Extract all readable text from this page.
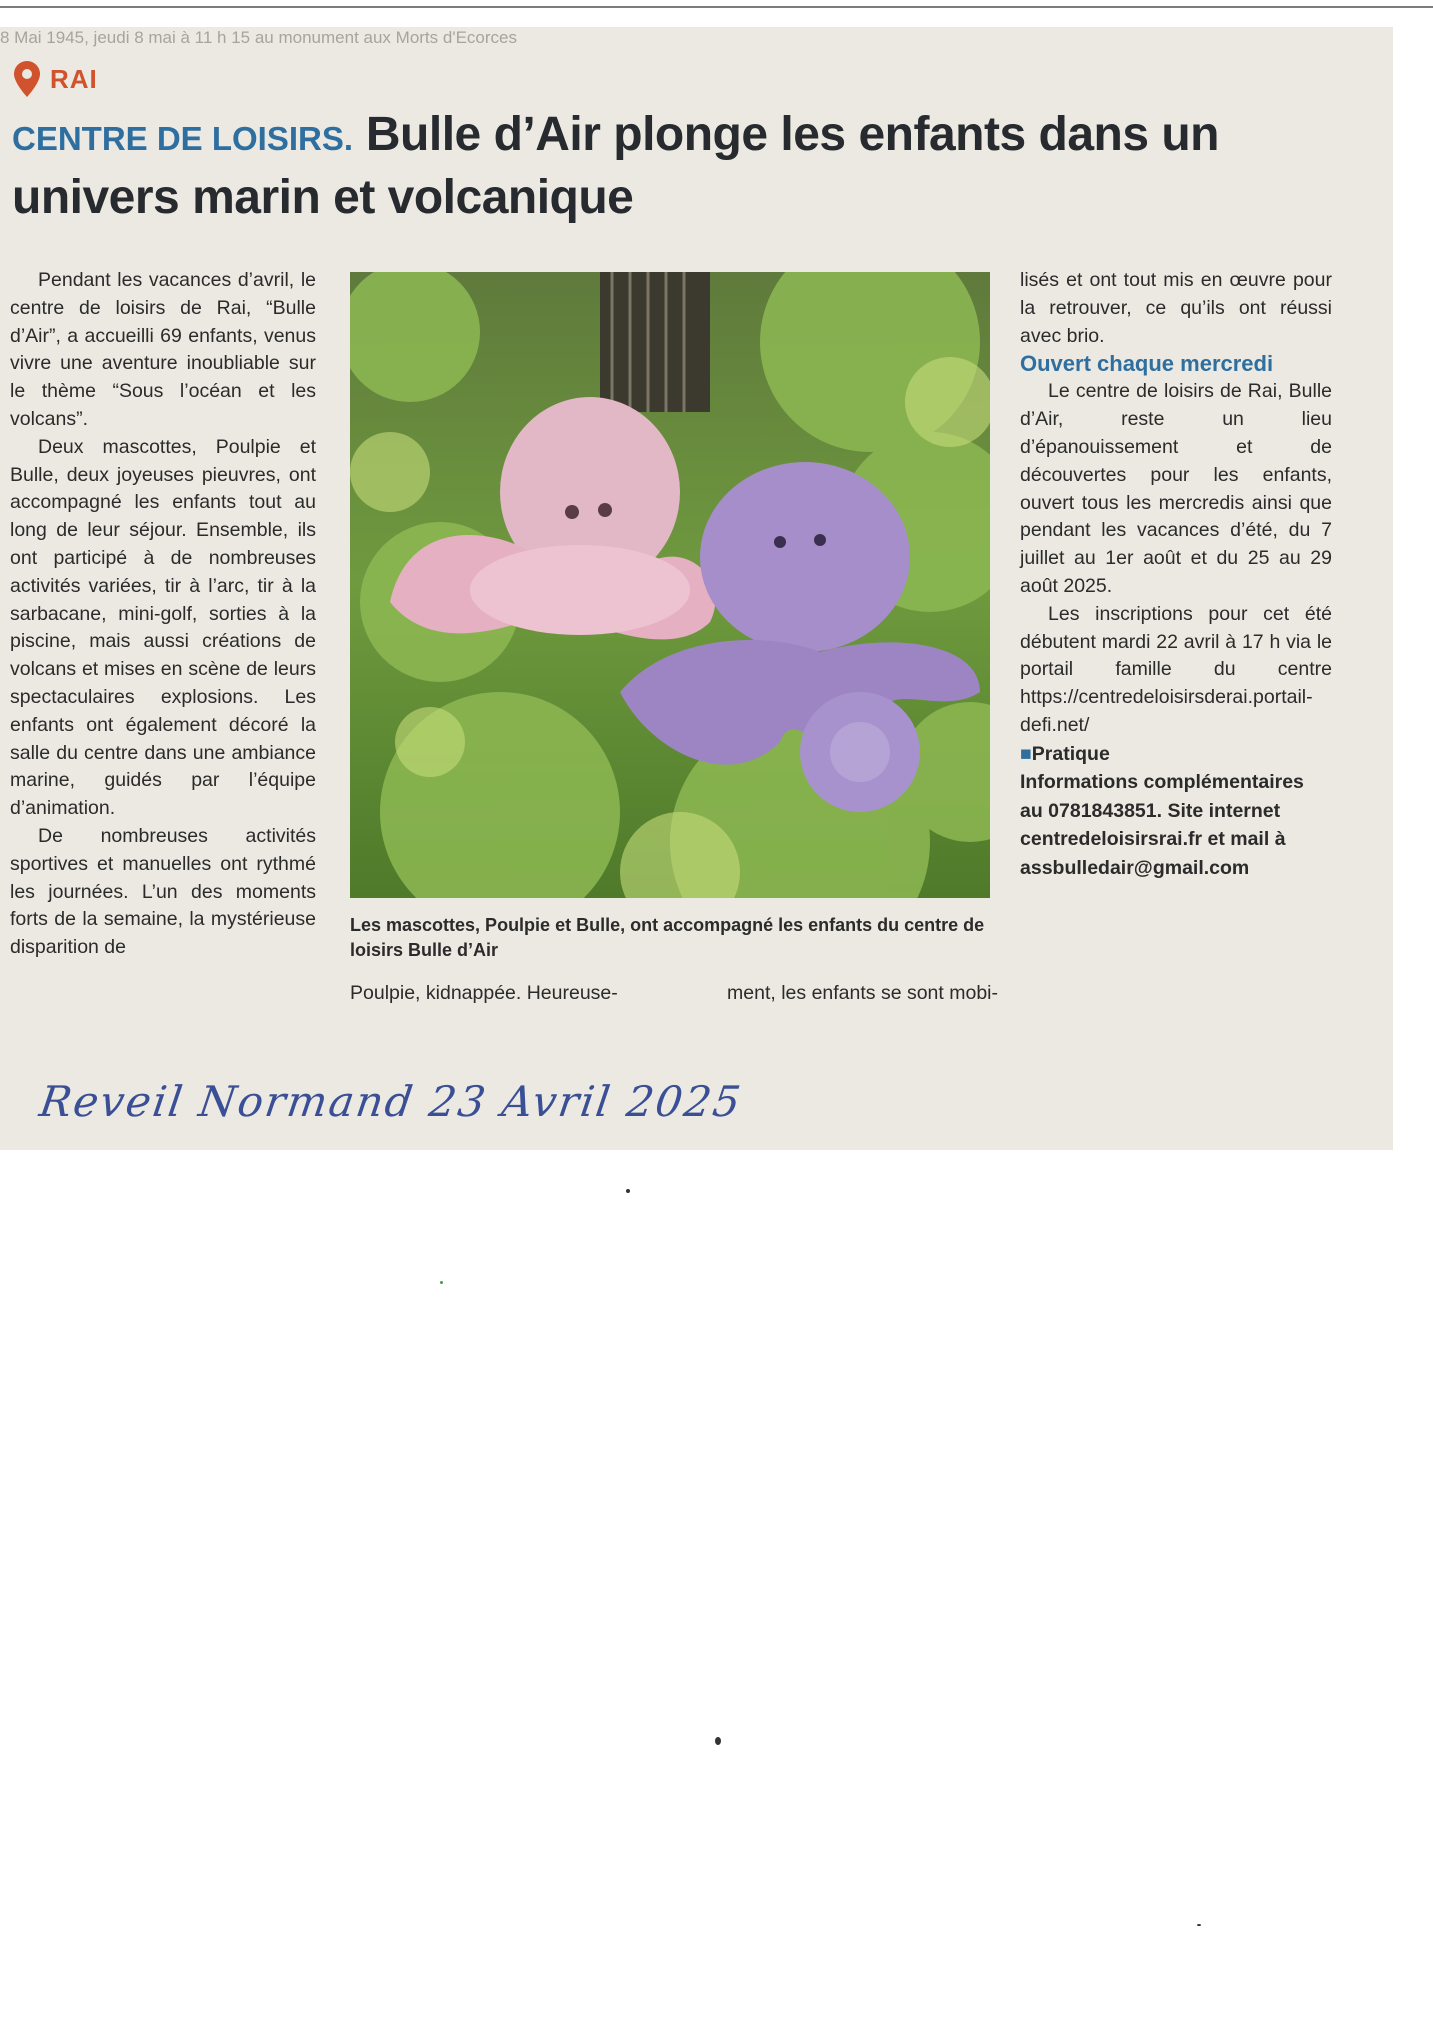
8 Mai 1945, jeudi 8 mai à 11 h 15 au monument aux Morts d'Ecorces
RAI
CENTRE DE LOISIRS. Bulle d’Air plonge les enfants dans un univers marin et volcanique

Pendant les vacances d’avril, le centre de loisirs de Rai, “Bulle d’Air”, a accueilli 69 enfants, venus vivre une aventure inoubliable sur le thème “Sous l’océan et les volcans”.

Deux mascottes, Poulpie et Bulle, deux joyeuses pieuvres, ont accompagné les enfants tout au long de leur séjour. Ensemble, ils ont participé à de nombreuses activités variées, tir à l’arc, tir à la sarbacane, mini-golf, sorties à la piscine, mais aussi créations de volcans et mises en scène de leurs spectaculaires explosions. Les enfants ont également décoré la salle du centre dans une ambiance marine, guidés par l’équipe d’animation.

De nombreuses activités sportives et manuelles ont rythmé les journées. L’un des moments forts de la semaine, la mystérieuse disparition de

Les mascottes, Poulpie et Bulle, ont accompagné les enfants du centre de loisirs Bulle d’Air
Poulpie, kidnappée. Heureuse-	ment, les enfants se sont mobi-

lisés et ont tout mis en œuvre pour la retrouver, ce qu’ils ont réussi avec brio.

Ouvert chaque mercredi

Le centre de loisirs de Rai, Bulle d’Air, reste un lieu d’épanouissement et de découvertes pour les enfants, ouvert tous les mercredis ainsi que pendant les vacances d’été, du 7 juillet au 1er août et du 25 au 29 août 2025.

Les inscriptions pour cet été débutent mardi 22 avril à 17 h via le portail famille du centre https://centredeloisirsderai.portail-defi.net/

■Pratique
Informations complémentaires au 0781843851. Site internet centredeloisirsrai.fr et mail à assbulledair@gmail.com

Reveil Normand 23 Avril 2025
